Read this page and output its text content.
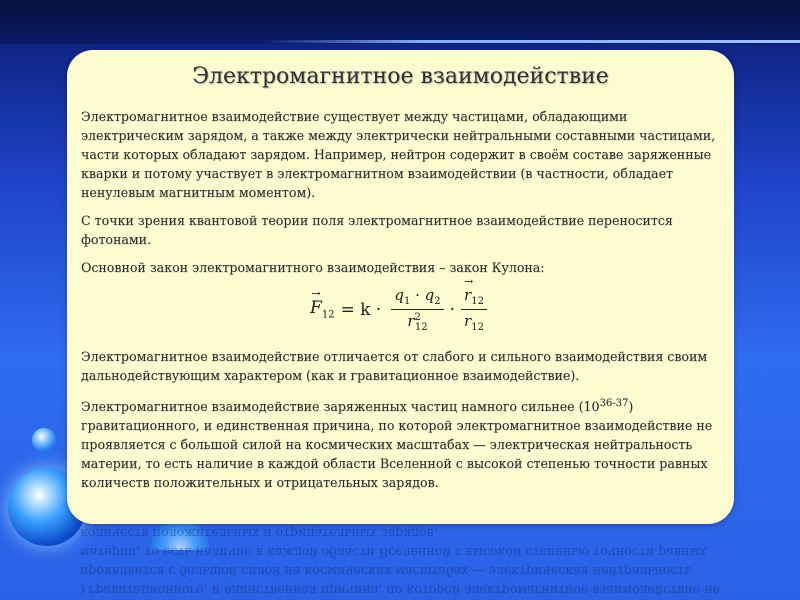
Электромагнитное взаимодействие

Электромагнитное взаимодействие существует между частицами, обладающими электрическим зарядом, а также между электрически нейтральными составными частицами, части которых обладают зарядом. Например, нейтрон содержит в своём составе заряженные кварки и потому участвует в электромагнитном взаимодействии (в частности, обладает ненулевым магнитным моментом).

С точки зрения квантовой теории поля электромагнитное взаимодействие переносится фотонами.

Основной закон электромагнитного взаимодействия – закон Кулона:

→ $F_{12} = k \cdot \frac{q_1 \cdot q_2}{r^2_{12}}$ ·
→ $\frac{r_{12}}{r_{12}}$

Электромагнитное взаимодействие отличается от слабого и сильного взаимодействия своим дальнодействующим характером (как и гравитационное взаимодействие).

Электромагнитное взаимодействие заряженных частиц намного сильнее (10$^{36-37}$) гравитационного, и единственная причина, по которой электромагнитное взаимодействие не проявляется с большой силой на космических масштабах — электрическая нейтральность материи, то есть наличие в каждой области Вселенной с высокой степенью точности равных количеств положительных и отрицательных зарядов.

) гравитационного, и единственная причина, по которой электромагнитное взаимодействие не проявляется с большой силой на космических масштабах — электрическая нейтральность материи, то есть наличие в каждой области Вселенной с высокой степенью точности равных количеств положительных и отрицательных зарядов.
